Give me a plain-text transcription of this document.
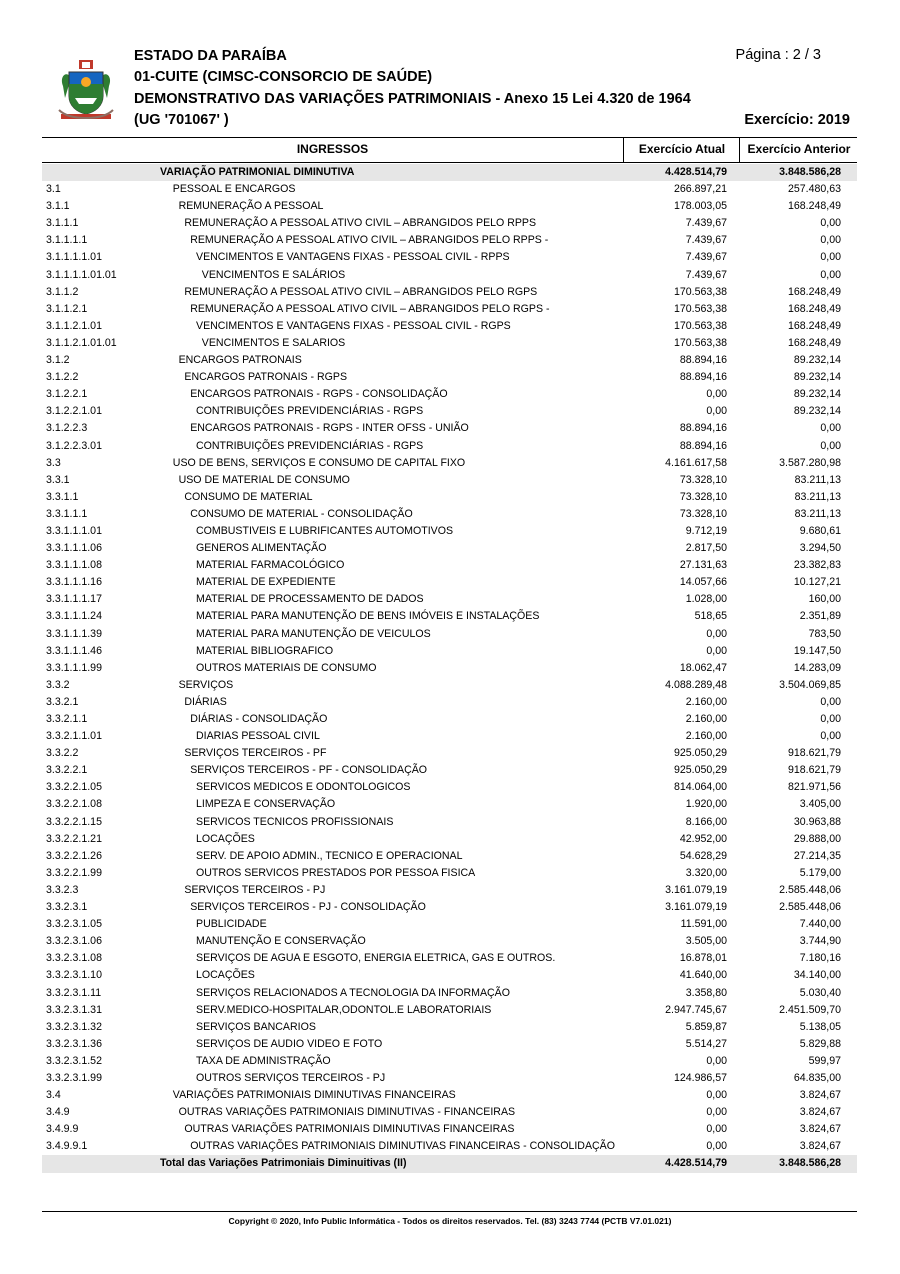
ESTADO DA PARAÍBA
01-CUITE (CIMSC-CONSORCIO DE SAÚDE)
DEMONSTRATIVO DAS VARIAÇÕES PATRIMONIAIS - Anexo 15 Lei 4.320 de 1964
(UG '701067' )
Página : 2 / 3
Exercício: 2019
INGRESSOS	Exercício Atual	Exercício Anterior
VARIAÇÃO PATRIMONIAL DIMINUTIVA	4.428.514,79	3.848.586,28
3.1	PESSOAL E ENCARGOS	266.897,21	257.480,63
3.1.1	REMUNERAÇÃO A PESSOAL	178.003,05	168.248,49
3.1.1.1	REMUNERAÇÃO A PESSOAL ATIVO CIVIL – ABRANGIDOS PELO RPPS	7.439,67	0,00
3.1.1.1.1	REMUNERAÇÃO A PESSOAL ATIVO CIVIL – ABRANGIDOS PELO RPPS -	7.439,67	0,00
3.1.1.1.1.01	VENCIMENTOS E VANTAGENS FIXAS - PESSOAL CIVIL - RPPS	7.439,67	0,00
3.1.1.1.1.01.01	VENCIMENTOS E SALÁRIOS	7.439,67	0,00
3.1.1.2	REMUNERAÇÃO A PESSOAL ATIVO CIVIL – ABRANGIDOS PELO RGPS	170.563,38	168.248,49
3.1.1.2.1	REMUNERAÇÃO A PESSOAL ATIVO CIVIL – ABRANGIDOS PELO RGPS -	170.563,38	168.248,49
3.1.1.2.1.01	VENCIMENTOS E VANTAGENS FIXAS - PESSOAL CIVIL - RGPS	170.563,38	168.248,49
3.1.1.2.1.01.01	VENCIMENTOS E SALARIOS	170.563,38	168.248,49
3.1.2	ENCARGOS PATRONAIS	88.894,16	89.232,14
3.1.2.2	ENCARGOS PATRONAIS - RGPS	88.894,16	89.232,14
3.1.2.2.1	ENCARGOS PATRONAIS - RGPS - CONSOLIDAÇÃO	0,00	89.232,14
3.1.2.2.1.01	CONTRIBUIÇÕES PREVIDENCIÁRIAS - RGPS	0,00	89.232,14
3.1.2.2.3	ENCARGOS PATRONAIS - RGPS - INTER OFSS - UNIÃO	88.894,16	0,00
3.1.2.2.3.01	CONTRIBUIÇÕES PREVIDENCIÁRIAS - RGPS	88.894,16	0,00
3.3	USO DE BENS, SERVIÇOS E CONSUMO DE CAPITAL FIXO	4.161.617,58	3.587.280,98
3.3.1	USO DE MATERIAL DE CONSUMO	73.328,10	83.211,13
3.3.1.1	CONSUMO DE MATERIAL	73.328,10	83.211,13
3.3.1.1.1	CONSUMO DE MATERIAL - CONSOLIDAÇÃO	73.328,10	83.211,13
3.3.1.1.1.01	COMBUSTIVEIS E LUBRIFICANTES AUTOMOTIVOS	9.712,19	9.680,61
3.3.1.1.1.06	GENEROS ALIMENTAÇÃO	2.817,50	3.294,50
3.3.1.1.1.08	MATERIAL FARMACOLÓGICO	27.131,63	23.382,83
3.3.1.1.1.16	MATERIAL DE EXPEDIENTE	14.057,66	10.127,21
3.3.1.1.1.17	MATERIAL DE PROCESSAMENTO DE DADOS	1.028,00	160,00
3.3.1.1.1.24	MATERIAL PARA MANUTENÇÃO DE BENS IMÓVEIS E INSTALAÇÕES	518,65	2.351,89
3.3.1.1.1.39	MATERIAL PARA MANUTENÇÃO DE VEICULOS	0,00	783,50
3.3.1.1.1.46	MATERIAL BIBLIOGRAFICO	0,00	19.147,50
3.3.1.1.1.99	OUTROS MATERIAIS DE CONSUMO	18.062,47	14.283,09
3.3.2	SERVIÇOS	4.088.289,48	3.504.069,85
3.3.2.1	DIÁRIAS	2.160,00	0,00
3.3.2.1.1	DIÁRIAS - CONSOLIDAÇÃO	2.160,00	0,00
3.3.2.1.1.01	DIARIAS PESSOAL CIVIL	2.160,00	0,00
3.3.2.2	SERVIÇOS TERCEIROS - PF	925.050,29	918.621,79
3.3.2.2.1	SERVIÇOS TERCEIROS - PF - CONSOLIDAÇÃO	925.050,29	918.621,79
3.3.2.2.1.05	SERVICOS MEDICOS E ODONTOLOGICOS	814.064,00	821.971,56
3.3.2.2.1.08	LIMPEZA E CONSERVAÇÃO	1.920,00	3.405,00
3.3.2.2.1.15	SERVICOS TECNICOS PROFISSIONAIS	8.166,00	30.963,88
3.3.2.2.1.21	LOCAÇÕES	42.952,00	29.888,00
3.3.2.2.1.26	SERV. DE APOIO ADMIN., TECNICO E OPERACIONAL	54.628,29	27.214,35
3.3.2.2.1.99	OUTROS SERVICOS PRESTADOS POR PESSOA FISICA	3.320,00	5.179,00
3.3.2.3	SERVIÇOS TERCEIROS - PJ	3.161.079,19	2.585.448,06
3.3.2.3.1	SERVIÇOS TERCEIROS - PJ - CONSOLIDAÇÃO	3.161.079,19	2.585.448,06
3.3.2.3.1.05	PUBLICIDADE	11.591,00	7.440,00
3.3.2.3.1.06	MANUTENÇÃO E CONSERVAÇÃO	3.505,00	3.744,90
3.3.2.3.1.08	SERVIÇOS DE AGUA E ESGOTO, ENERGIA ELETRICA, GAS E OUTROS.	16.878,01	7.180,16
3.3.2.3.1.10	LOCAÇÕES	41.640,00	34.140,00
3.3.2.3.1.11	SERVIÇOS RELACIONADOS A TECNOLOGIA DA INFORMAÇÃO	3.358,80	5.030,40
3.3.2.3.1.31	SERV.MEDICO-HOSPITALAR,ODONTOL.E LABORATORIAIS	2.947.745,67	2.451.509,70
3.3.2.3.1.32	SERVIÇOS BANCARIOS	5.859,87	5.138,05
3.3.2.3.1.36	SERVIÇOS DE AUDIO VIDEO E FOTO	5.514,27	5.829,88
3.3.2.3.1.52	TAXA DE ADMINISTRAÇÃO	0,00	599,97
3.3.2.3.1.99	OUTROS SERVIÇOS TERCEIROS - PJ	124.986,57	64.835,00
3.4	VARIAÇÕES PATRIMONIAIS DIMINUTIVAS FINANCEIRAS	0,00	3.824,67
3.4.9	OUTRAS VARIAÇÕES PATRIMONIAIS DIMINUTIVAS - FINANCEIRAS	0,00	3.824,67
3.4.9.9	OUTRAS VARIAÇÕES PATRIMONIAIS DIMINUTIVAS FINANCEIRAS	0,00	3.824,67
3.4.9.9.1	OUTRAS VARIAÇÕES PATRIMONIAIS DIMINUTIVAS FINANCEIRAS - CONSOLIDAÇÃO	0,00	3.824,67
Total das Variações Patrimoniais Diminuitivas (II)	4.428.514,79	3.848.586,28
Copyright © 2020, Info Public Informática - Todos os direitos reservados. Tel. (83) 3243 7744 (PCTB V7.01.021)
